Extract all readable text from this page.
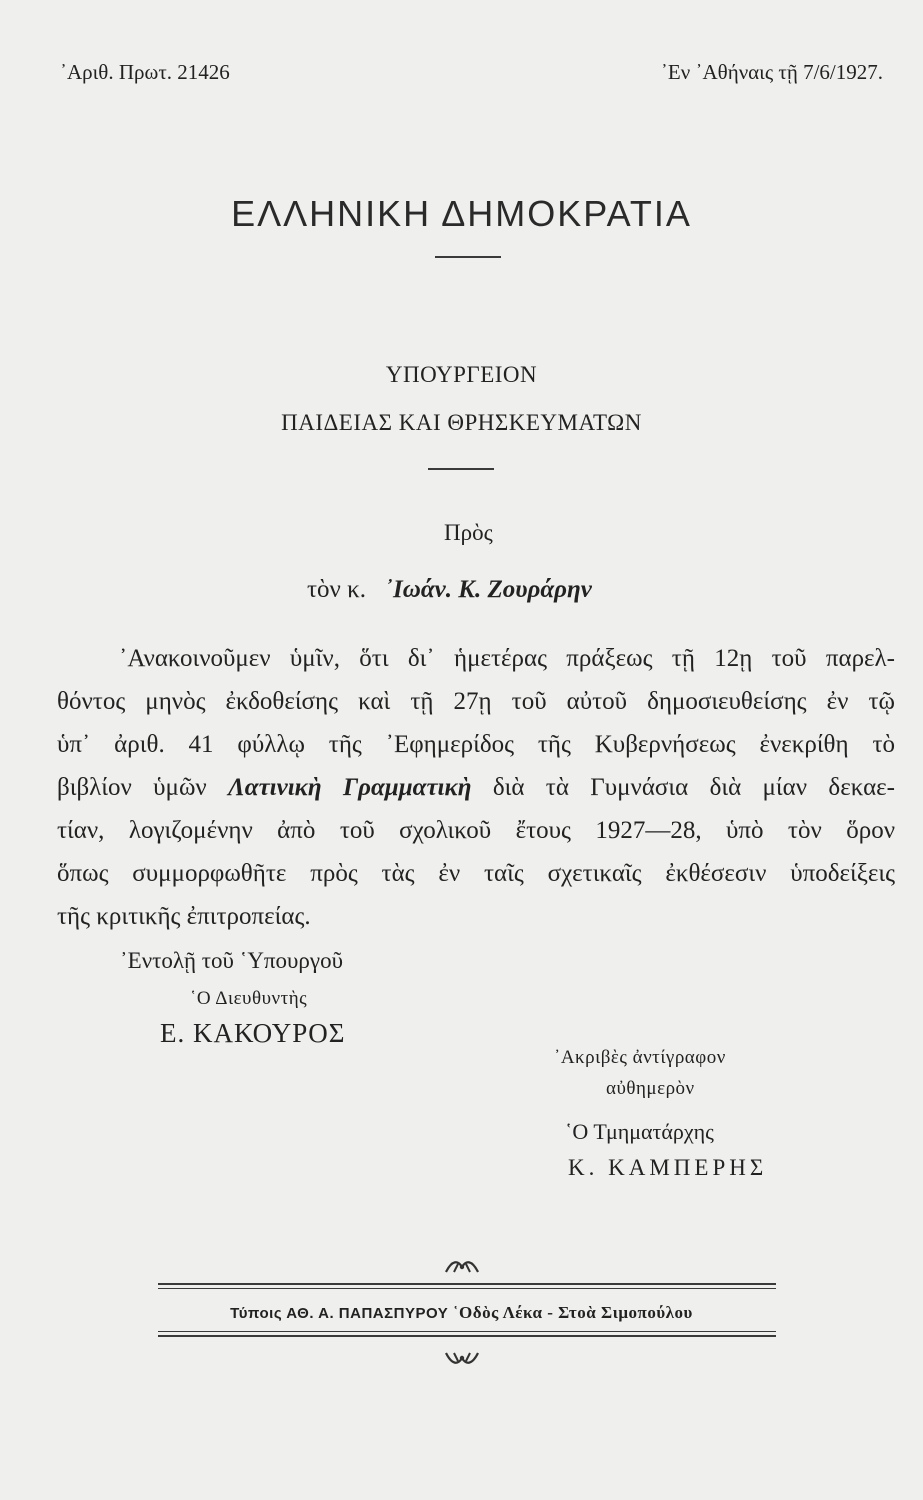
᾿Αριθ. Πρωτ. 21426	᾿Εν ᾿Αθήναις τῇ 7/6/1927.
ΕΛΛΗΝΙΚΗ ΔΗΜΟΚΡΑΤΙΑ
ΥΠΟΥΡΓΕΙΟΝ
ΠΑΙΔΕΙΑΣ ΚΑΙ ΘΡΗΣΚΕΥΜΑΤΩΝ
Πρὸς
τὸν κ. ᾿Ιωάν. Κ. Ζουράρην
᾿Ανακοινοῦμεν ὑμῖν, ὅτι δι᾿ ἡμετέρας πράξεως τῇ 12ῃ τοῦ παρελ-
θόντος μηνὸς ἐκδοθείσης καὶ τῇ 27ῃ τοῦ αὐτοῦ δημοσιευθείσης ἐν τῷ
ὑπ᾿ ἀριθ. 41 φύλλῳ τῆς ᾿Εφημερίδος τῆς Κυβερνήσεως ἐνεκρίθη τὸ
βιβλίον ὑμῶν Λατινικὴ Γραμματικὴ διὰ τὰ Γυμνάσια διὰ μίαν δεκαε-
τίαν, λογιζομένην ἀπὸ τοῦ σχολικοῦ ἔτους 1927—28, ὑπὸ τὸν ὅρον
ὅπως συμμορφωθῆτε πρὸς τὰς ἐν ταῖς σχετικαῖς ἐκθέσεσιν ὑποδείξεις
τῆς κριτικῆς ἐπιτροπείας.
᾿Εντολῇ τοῦ ῾Υπουργοῦ
῾Ο Διευθυντὴς
Ε. ΚΑΚΟΥΡΟΣ
᾿Ακριβὲς ἀντίγραφον
αὐθημερὸν
῾Ο Τμηματάρχης
Κ. ΚΑΜΠΕΡΗΣ
Τύποις ΑΘ. Α. ΠΑΠΑΣΠΥΡΟΥ ῾Οδὸς Λέκα - Στοὰ Σιμοπούλου
